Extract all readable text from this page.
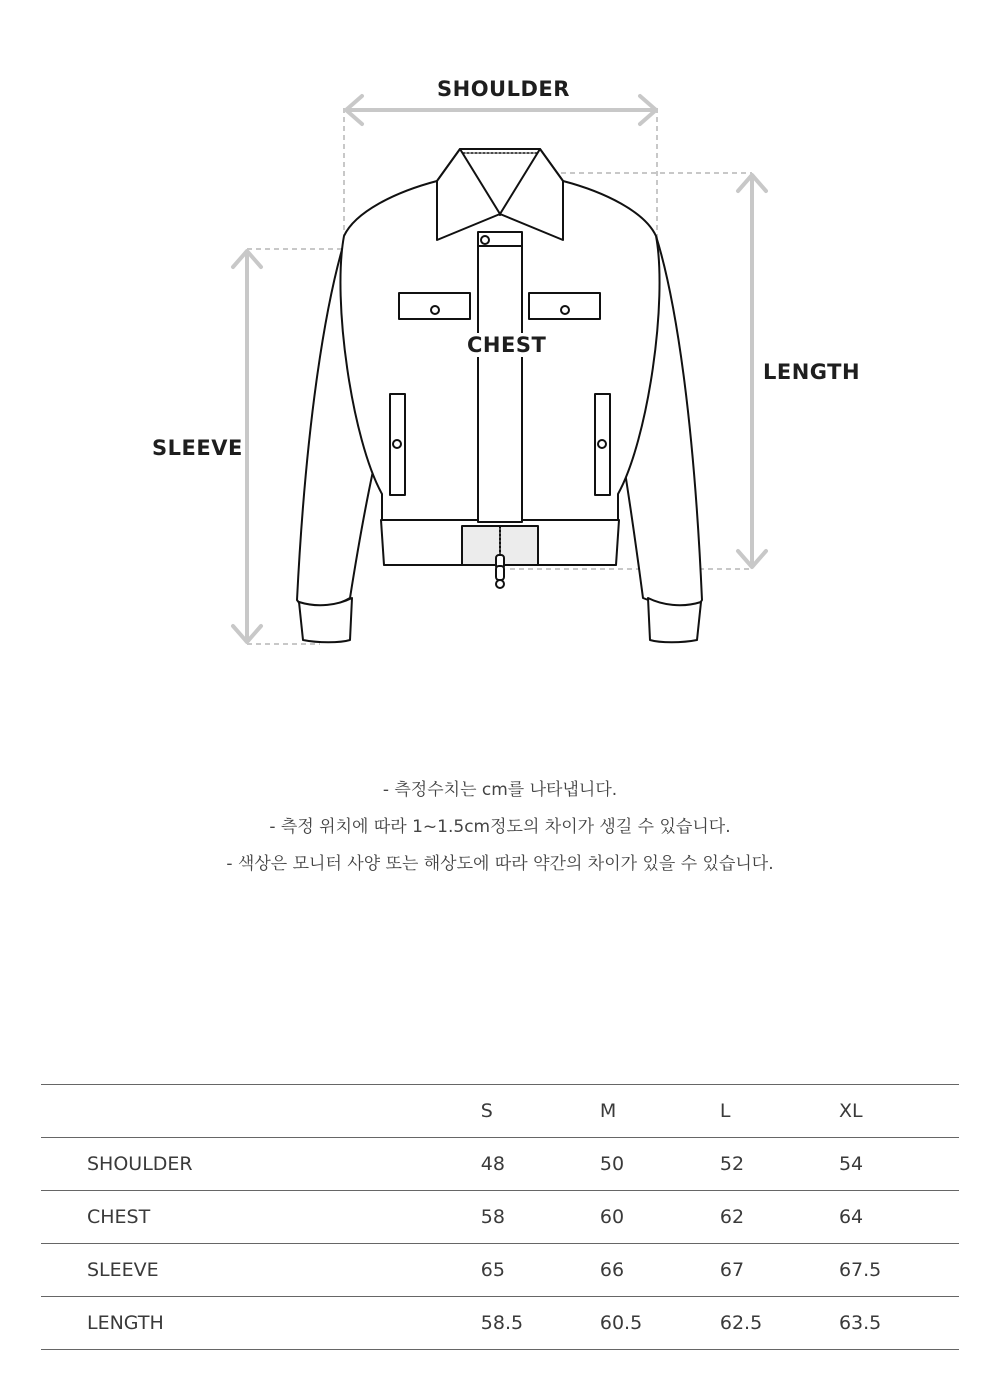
SHOULDER
CHEST
LENGTH
SLEEVE

- 측정수치는 cm를 나타냅니다.

- 측정 위치에 따라 1~1.5cm정도의 차이가 생길 수 있습니다.

- 색상은 모니터 사양 또는 해상도에 따라 약간의 차이가 있을 수 있습니다.

	S	M	L	XL
SHOULDER	48	50	52	54
CHEST	58	60	62	64
SLEEVE	65	66	67	67.5
LENGTH	58.5	60.5	62.5	63.5
